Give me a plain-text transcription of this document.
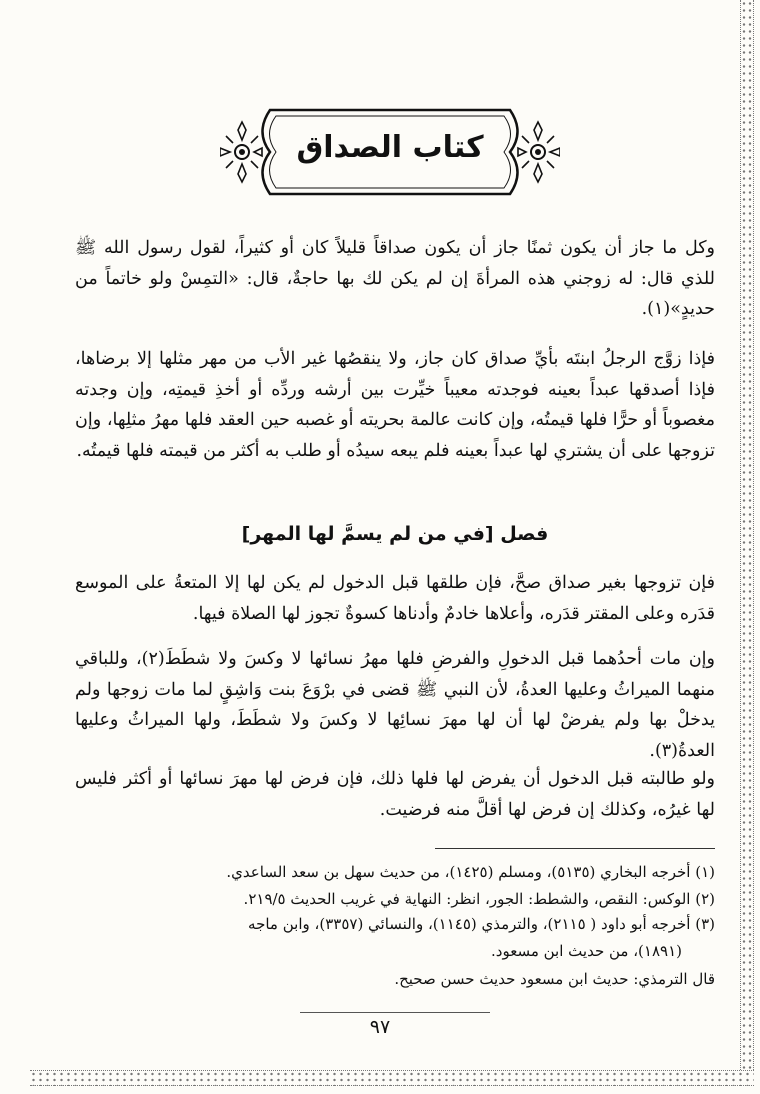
كتاب الصداق
وكل ما جاز أن يكون ثمنًا جاز أن يكون صداقاً قليلاً كان أو كثيراً، لقول رسول الله ﷺ للذي قال: له زوجني هذه المرأةَ إن لم يكن لك بها حاجةٌ، قال: «التمِسْ ولو خاتماً من حديدٍ»(١).
فإذا زوَّج الرجلُ ابنتَه بأيِّ صداق كان جاز، ولا ينقصُها غير الأب من مهر مثلها إلا برضاها، فإذا أصدقها عبداً بعينه فوجدته معيباً خيِّرت بين أرشه وردِّه أو أخذِ قيمتِه، وإن وجدته مغصوباً أو حرًّا فلها قيمتُه، وإن كانت عالمة بحريته أو غصبه حين العقد فلها مهرُ مثلِها، وإن تزوجها على أن يشتري لها عبداً بعينه فلم يبعه سيدُه أو طلب به أكثر من قيمته فلها قيمتُه.
فصل [في من لم يسمَّ لها المهر]
فإن تزوجها بغير صداق صحَّ، فإن طلقها قبل الدخول لم يكن لها إلا المتعةُ على الموسع قدَره وعلى المقتر قدَره، وأعلاها خادمٌ وأدناها كسوةٌ تجوز لها الصلاة فيها.
وإن مات أحدُهما قبل الدخولِ والفرضِ فلها مهرُ نسائها لا وكسَ ولا شطَطَ(٢)، وللباقي منهما الميراثُ وعليها العدةُ، لأن النبي ﷺ قضى في برْوَعَ بنت وَاشِقٍ لما مات زوجها ولم يدخلْ بها ولم يفرضْ لها أن لها مهرَ نسائِها لا وكسَ ولا شطَطَ، ولها الميراثُ وعليها العدةُ(٣).
ولو طالبته قبل الدخول أن يفرض لها فلها ذلك، فإن فرض لها مهرَ نسائها أو أكثر فليس لها غيرُه، وكذلك إن فرض لها أقلَّ منه فرضيت.
(١) أخرجه البخاري (٥١٣٥)، ومسلم (١٤٢٥)، من حديث سهل بن سعد الساعدي.
(٢) الوكس: النقص، والشطط: الجور، انظر: النهاية في غريب الحديث ٢١٩/٥.
(٣) أخرجه أبو داود ( ٢١١٥)، والترمذي (١١٤٥)، والنسائي (٣٣٥٧)، وابن ماجه
(١٨٩١)، من حديث ابن مسعود.
قال الترمذي: حديث ابن مسعود حديث حسن صحيح.
٩٧
